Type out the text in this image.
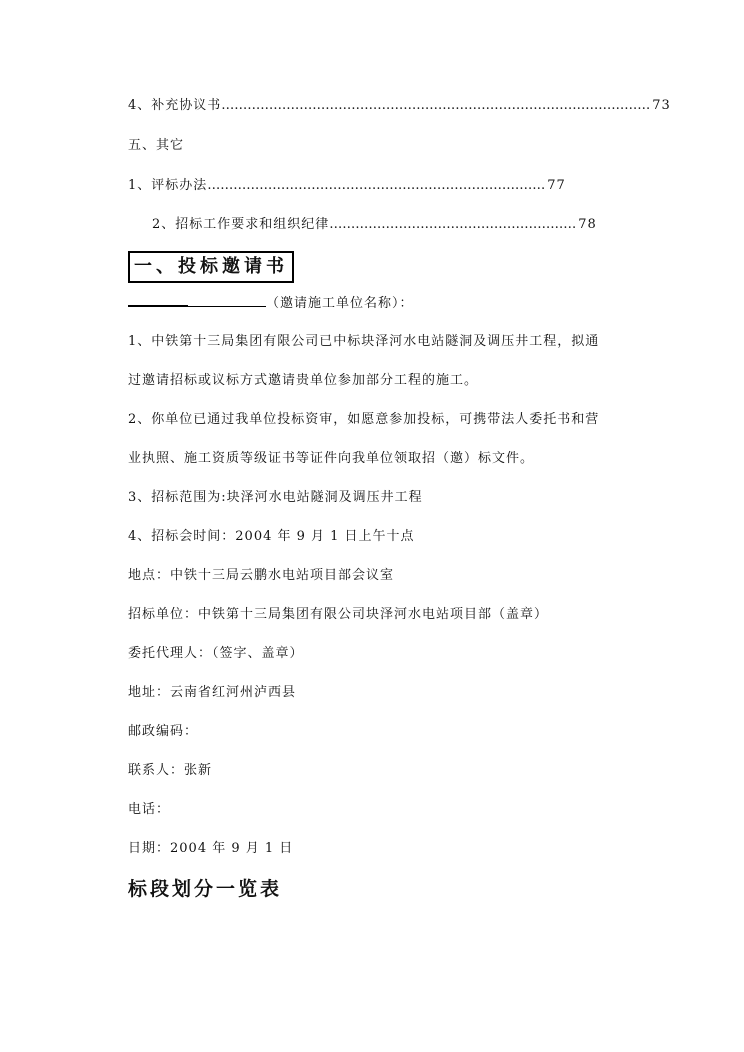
4、补充协议书……………………………………………………………………………………… 73
五、其它
1、评标办法…………………………………………………………………… 77
2、招标工作要求和组织纪律………………………………………………… 78
一、投标邀请书
（邀请施工单位名称）：
1、中铁第十三局集团有限公司已中标块泽河水电站隧洞及调压井工程，拟通
过邀请招标或议标方式邀请贵单位参加部分工程的施工。
2、你单位已通过我单位投标资审，如愿意参加投标，可携带法人委托书和营
业执照、施工资质等级证书等证件向我单位领取招（邀）标文件。
3、招标范围为:块泽河水电站隧洞及调压井工程
4、招标会时间：2004 年 9 月 1 日上午十点
地点：中铁十三局云鹏水电站项目部会议室
招标单位：中铁第十三局集团有限公司块泽河水电站项目部（盖章）
委托代理人：（签字、盖章）
地址：云南省红河州泸西县
邮政编码：
联系人：张新
电话：
日期：2004 年 9 月 1 日
标段划分一览表
